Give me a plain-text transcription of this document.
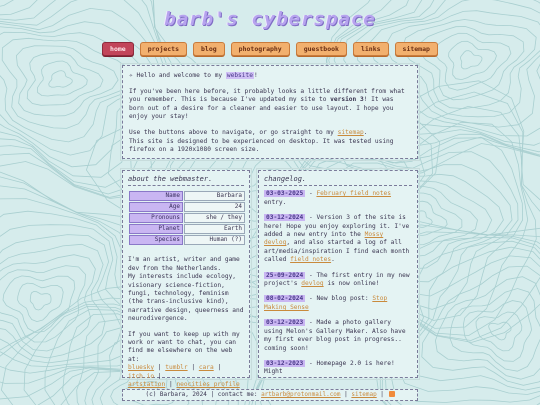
barb's cyberspace
home	projects	blog	photography	guestbook	links	sitemap

✧ Hello and welcome to my website!

If you've been here before, it probably looks a little different from what you remember. This is because I've updated my site to version 3! It was born out of a desire for a cleaner and easier to use layout. I hope you enjoy your stay!

Use the buttons above to navigate, or go straight to my sitemap.
This site is designed to be experienced on desktop. It was tested using firefox on a 1920x1080 screen size.

about the webmaster.
Name	Barbara
Age	24
Pronouns	she / they
Planet	Earth
Species	Human (?)

I'm an artist, writer and game dev from the Netherlands.

My interests include ecology, visionary science-fiction, fungi, technology, feminism (the trans-inclusive kind), narrative design, queerness and neurodivergence.

If you want to keep up with my work or want to chat, you can find me elsewhere on the web at:
bluesky | tumblr | cara | itch.io |
artstation | neocities profile

changelog.
03-03-2025 - February field notes entry.
03-12-2024 - Version 3 of the site is here! Hope you enjoy exploring it. I've added a new entry into the Mossy devlog, and also started a log of all art/media/inspiration I find each month called field notes.
25-09-2024 - The first entry in my new project's devlog is now online!
08-02-2024 - New blog post: Stop Making Sense
03-12-2023 - Made a photo gallery using Melon's Gallery Maker. Also have my first ever blog post in progress.. coming soon!
03-12-2023 - Homepage 2.0 is here! Might
(c) Barbara, 2024 | contact me: artbarb@protonmail.com | sitemap |
